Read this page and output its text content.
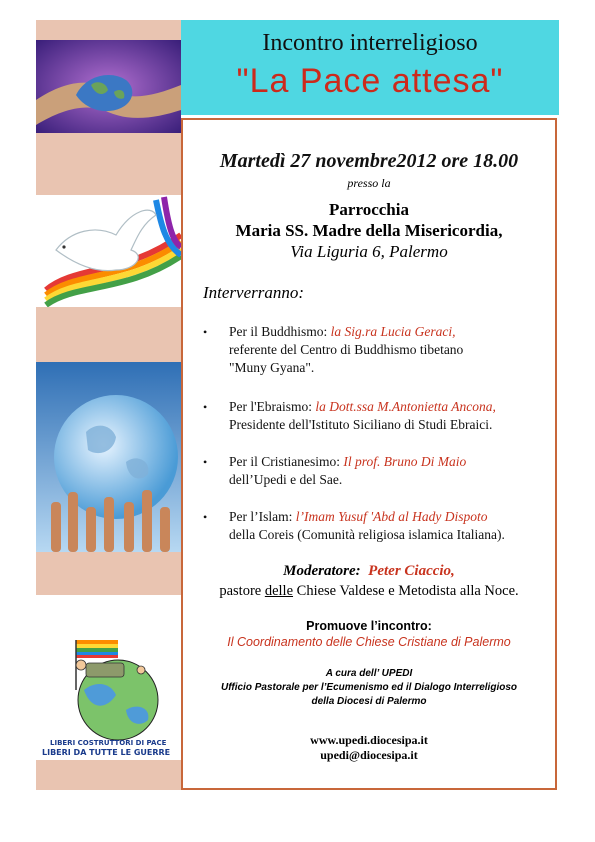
LIBERI DA TUTTE LE GUERRE
LIBERI COSTRUTTORI DI PACE
Incontro interreligioso
"La Pace attesa"
Martedì 27 novembre2012 ore 18.00
presso la
Parrocchia
Maria SS. Madre della Misericordia,
Via Liguria 6, Palermo
Interverranno:
• Per il Buddhismo: la Sig.ra Lucia Geraci,
referente del Centro di Buddhismo tibetano
"Muny Gyana".
• Per l'Ebraismo: la Dott.ssa M.Antonietta Ancona,
Presidente dell'Istituto Siciliano di Studi Ebraici.
• Per il Cristianesimo: Il prof. Bruno Di Maio
dell’Upedi e del Sae.
• Per l’Islam: l’Imam Yusuf 'Abd al Hady Dispoto
della Coreis (Comunità religiosa islamica Italiana).
Moderatore: Peter Ciaccio,
pastore delle Chiese Valdese e Metodista alla Noce.
Promuove l’incontro:
Il Coordinamento delle Chiese Cristiane di Palermo
A cura dell’ UPEDI
Ufficio Pastorale per l’Ecumenismo ed il Dialogo Interreligioso
della Diocesi di Palermo
www.upedi.diocesipa.it
upedi@diocesipa.it
